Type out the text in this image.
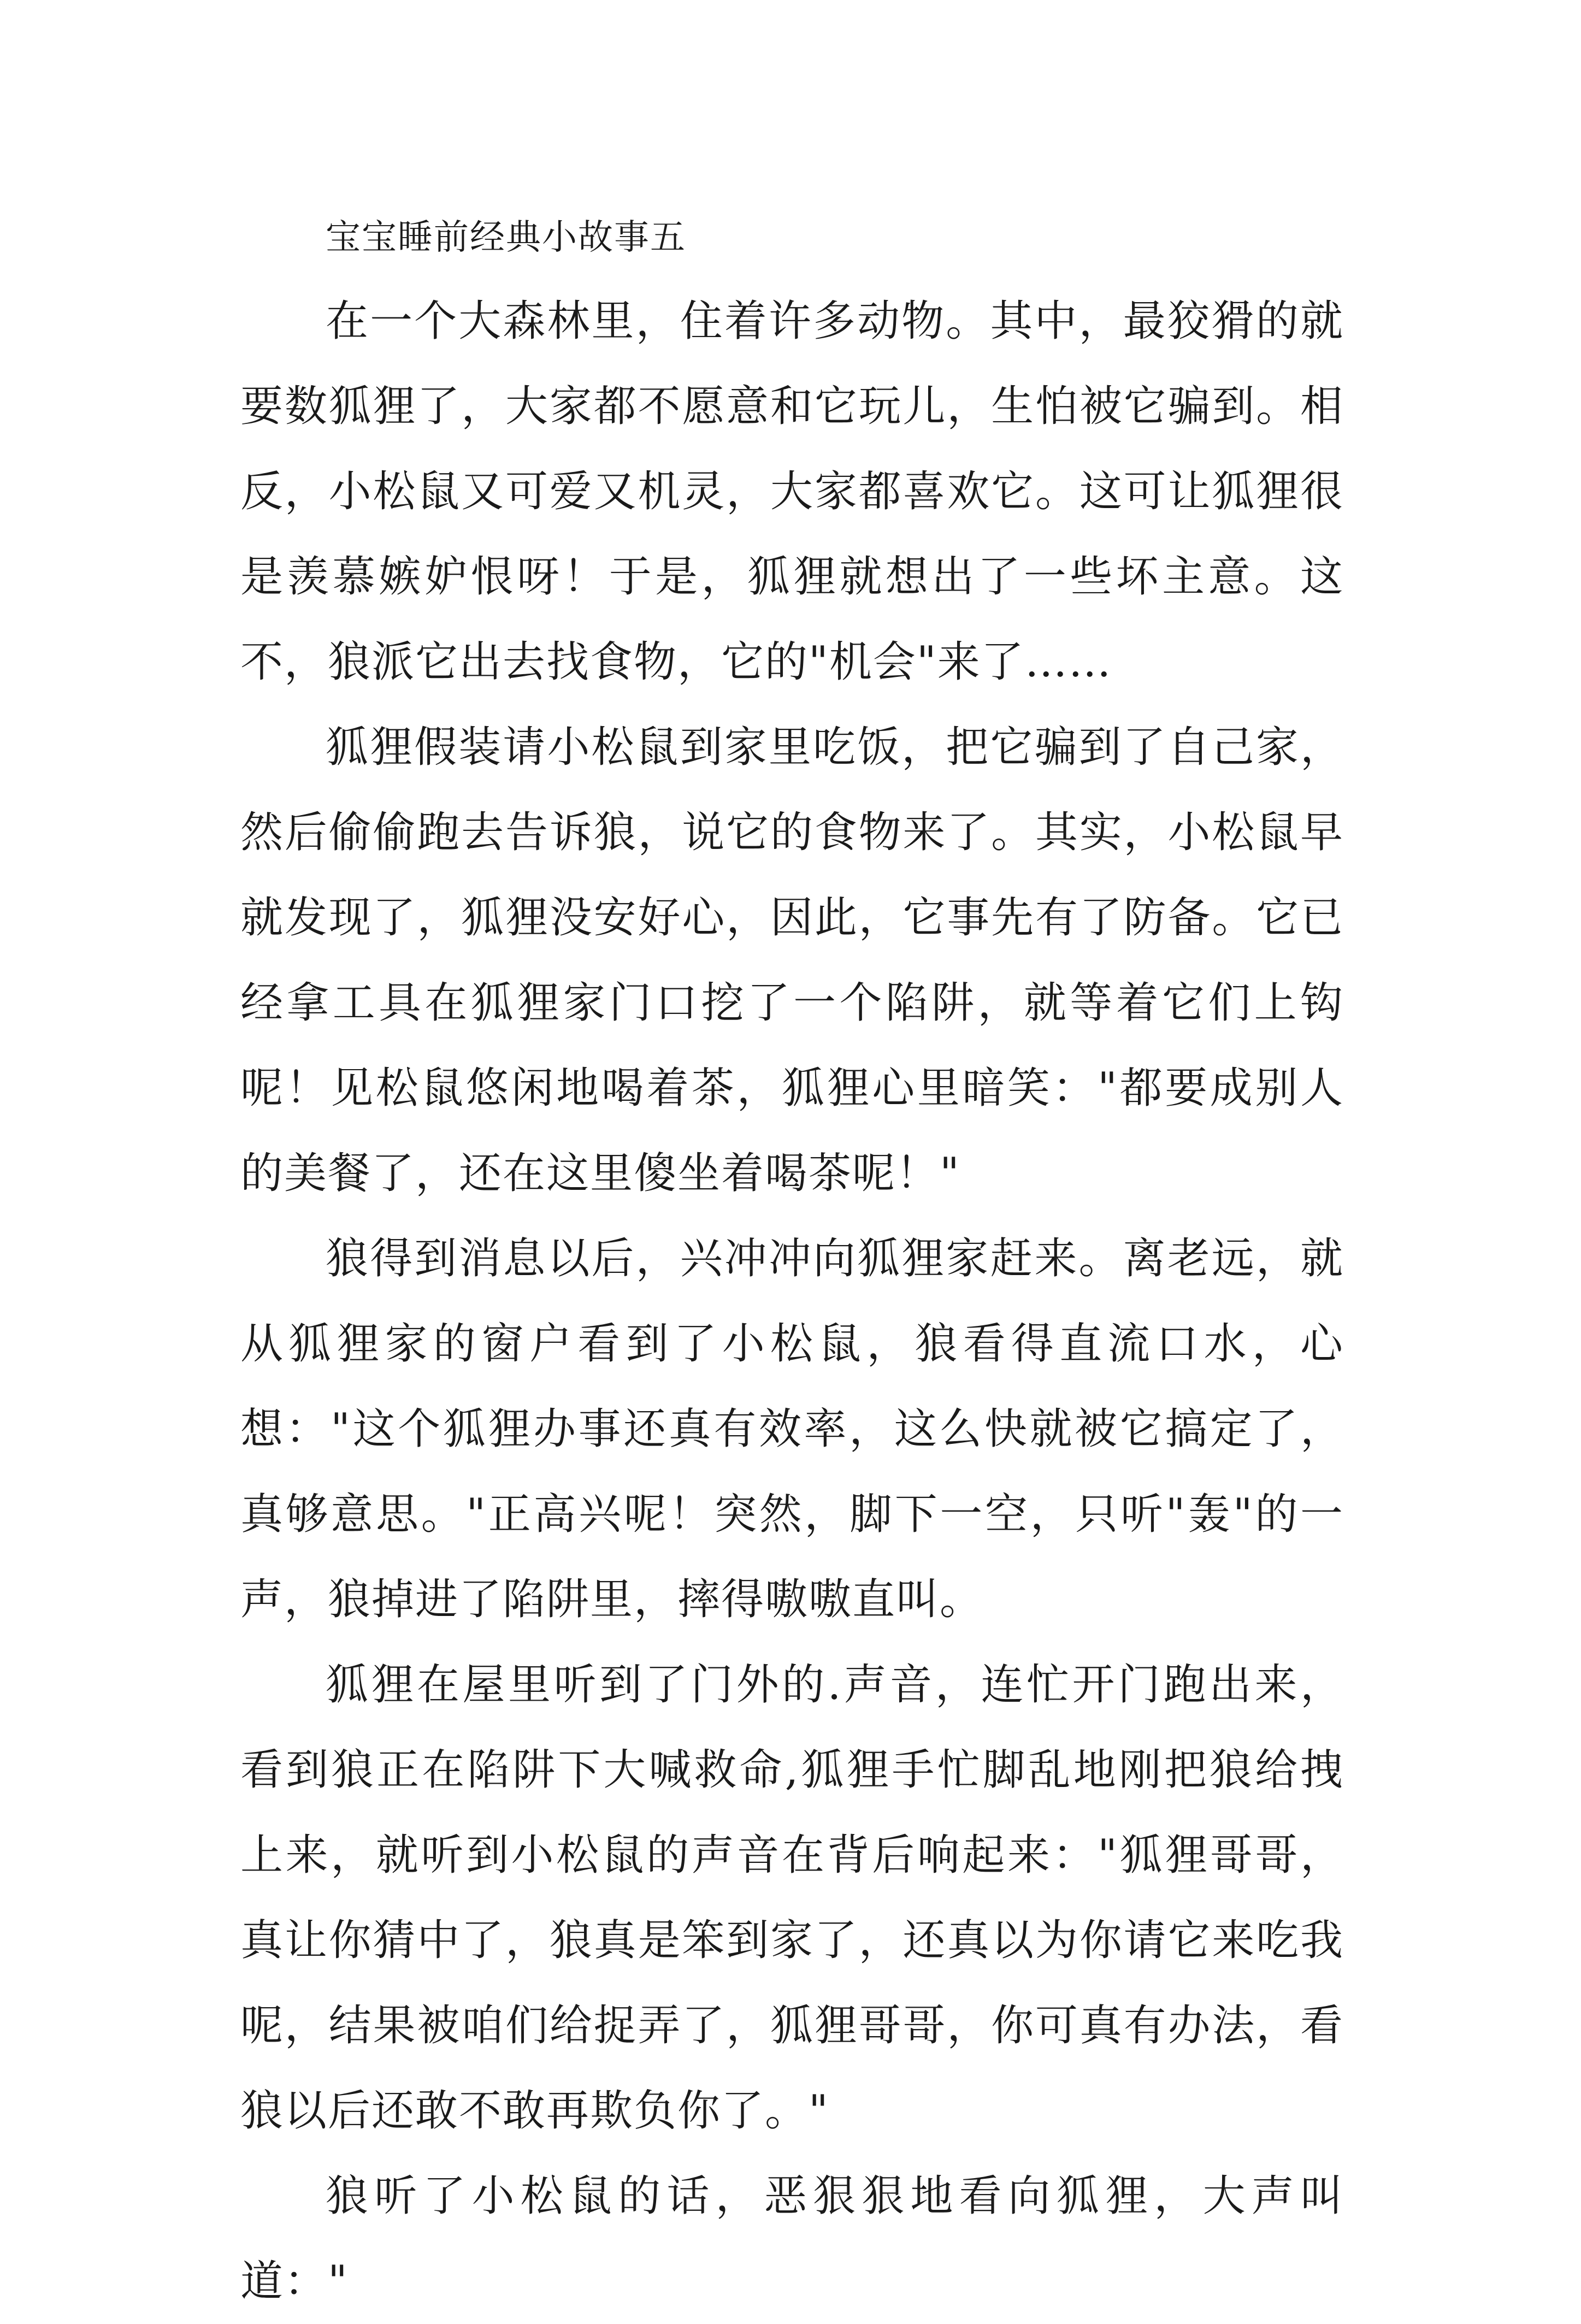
宝宝睡前经典小故事五

在一个大森林里，住着许多动物。其中，最狡猾的就要数狐狸了，大家都不愿意和它玩儿，生怕被它骗到。相反，小松鼠又可爱又机灵，大家都喜欢它。这可让狐狸很是羡慕嫉妒恨呀！于是，狐狸就想出了一些坏主意。这不，狼派它出去找食物，它的"机会"来了……

狐狸假装请小松鼠到家里吃饭，把它骗到了自己家，然后偷偷跑去告诉狼，说它的食物来了。其实，小松鼠早就发现了，狐狸没安好心，因此，它事先有了防备。它已经拿工具在狐狸家门口挖了一个陷阱，就等着它们上钩呢！见松鼠悠闲地喝着茶，狐狸心里暗笑："都要成别人的美餐了，还在这里傻坐着喝茶呢！"

狼得到消息以后，兴冲冲向狐狸家赶来。离老远，就从狐狸家的窗户看到了小松鼠，狼看得直流口水，心想："这个狐狸办事还真有效率，这么快就被它搞定了，真够意思。"正高兴呢！突然，脚下一空，只听"轰"的一声，狼掉进了陷阱里，摔得嗷嗷直叫。

狐狸在屋里听到了门外的.声音，连忙开门跑出来，看到狼正在陷阱下大喊救命,狐狸手忙脚乱地刚把狼给拽上来，就听到小松鼠的声音在背后响起来："狐狸哥哥，真让你猜中了，狼真是笨到家了，还真以为你请它来吃我呢，结果被咱们给捉弄了，狐狸哥哥，你可真有办法，看狼以后还敢不敢再欺负你了。"

狼听了小松鼠的话，恶狠狠地看向狐狸，大声叫道："
